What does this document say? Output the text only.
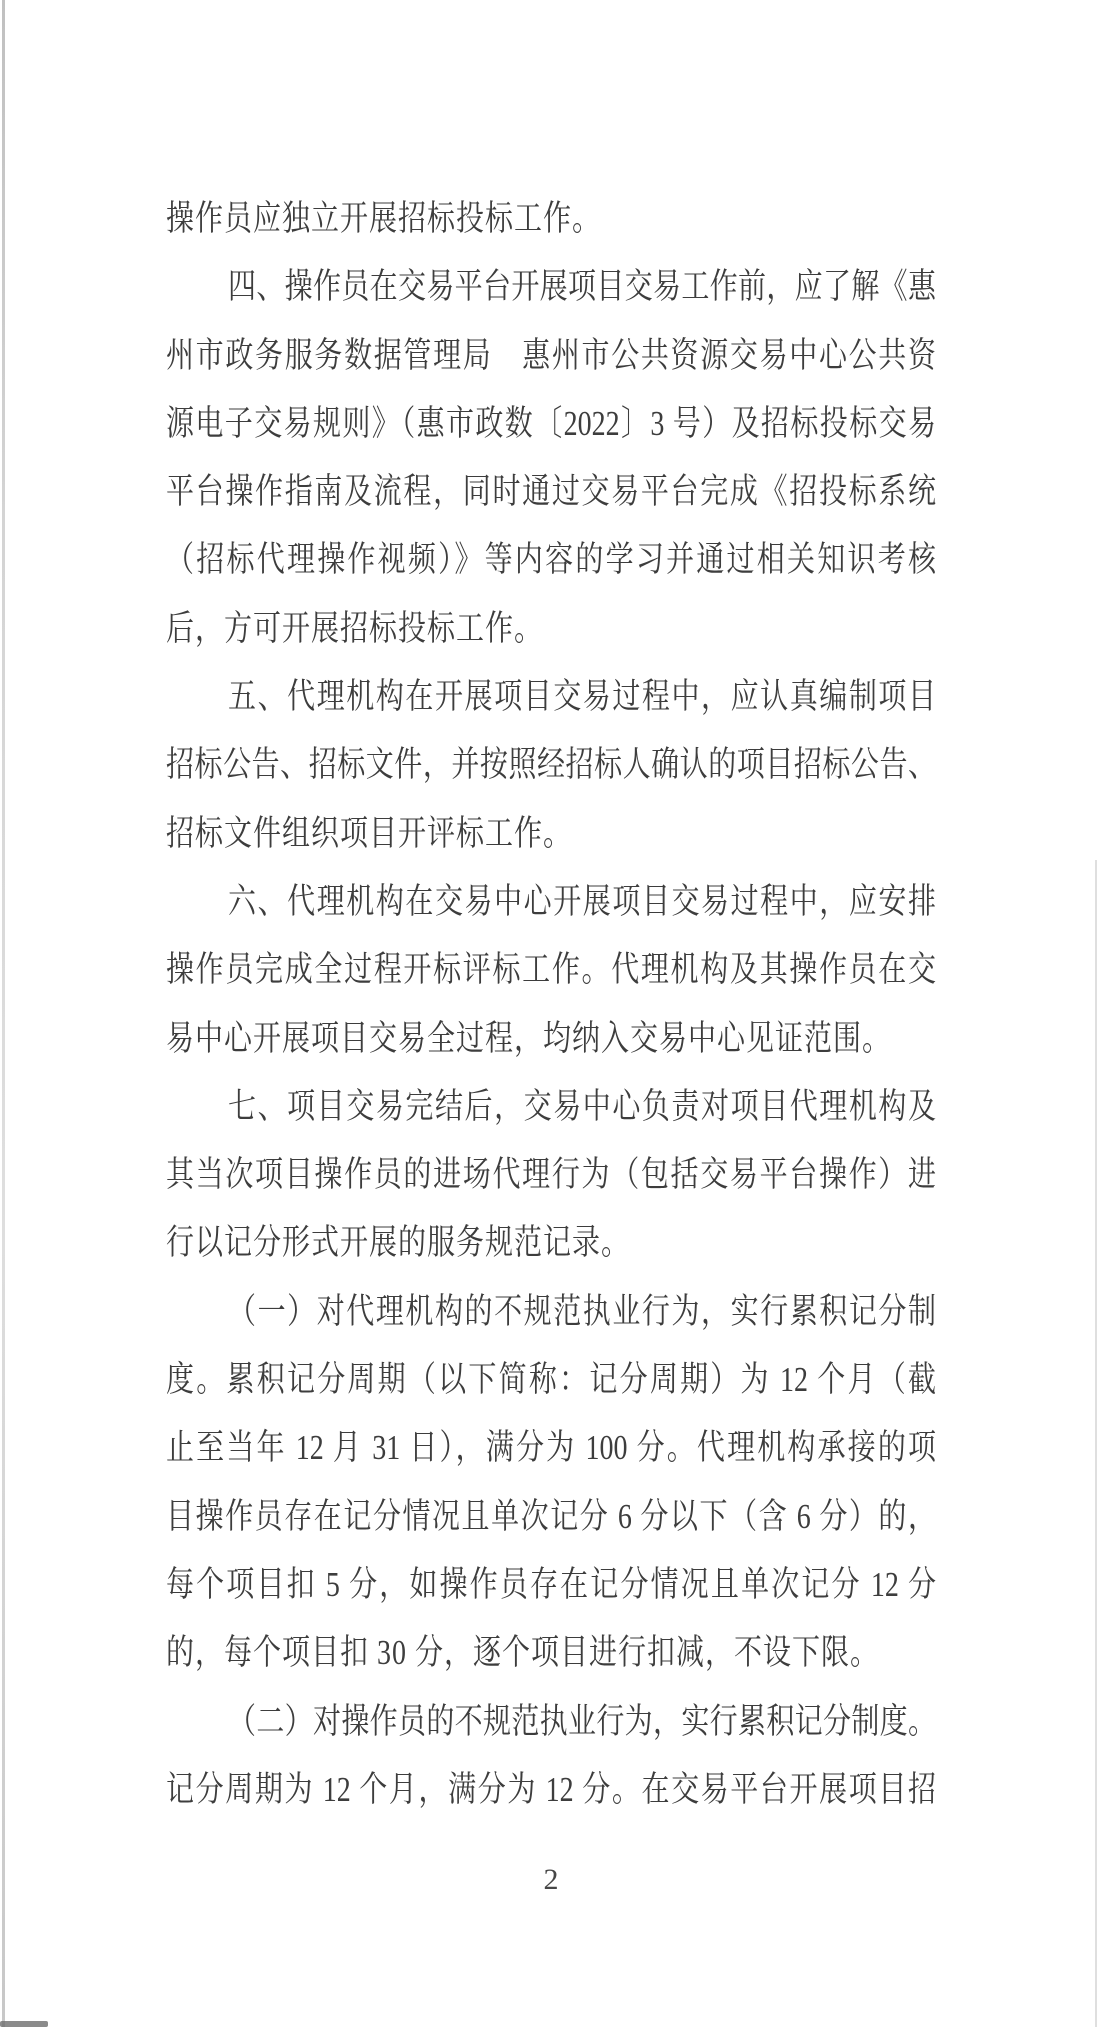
操作员应独立开展招标投标工作。
四、操作员在交易平台开展项目交易工作前，应了解《惠
州市政务服务数据管理局　惠州市公共资源交易中心公共资
源电子交易规则》（惠市政数〔2022〕3 号）及招标投标交易
平台操作指南及流程，同时通过交易平台完成《招投标系统
（招标代理操作视频）》等内容的学习并通过相关知识考核
后，方可开展招标投标工作。
五、代理机构在开展项目交易过程中，应认真编制项目
招标公告、招标文件，并按照经招标人确认的项目招标公告、
招标文件组织项目开评标工作。
六、代理机构在交易中心开展项目交易过程中，应安排
操作员完成全过程开标评标工作。代理机构及其操作员在交
易中心开展项目交易全过程，均纳入交易中心见证范围。
七、项目交易完结后，交易中心负责对项目代理机构及
其当次项目操作员的进场代理行为（包括交易平台操作）进
行以记分形式开展的服务规范记录。
（一）对代理机构的不规范执业行为，实行累积记分制
度。累积记分周期（以下简称：记分周期）为 12 个月（截
止至当年 12 月 31 日），满分为 100 分。代理机构承接的项
目操作员存在记分情况且单次记分 6 分以下（含 6 分）的，
每个项目扣 5 分，如操作员存在记分情况且单次记分 12 分
的，每个项目扣 30 分，逐个项目进行扣减，不设下限。
（二）对操作员的不规范执业行为，实行累积记分制度。
记分周期为 12 个月，满分为 12 分。在交易平台开展项目招
2
